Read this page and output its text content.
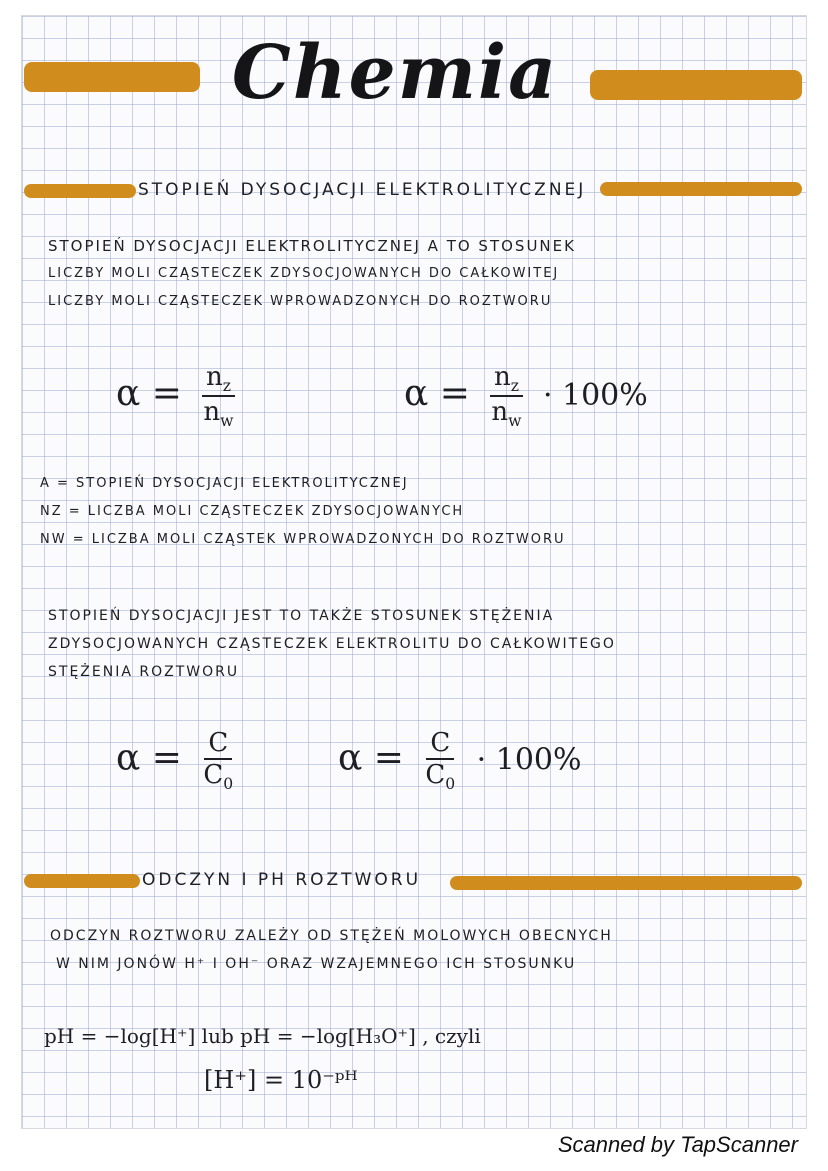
Chemia
STOPIEŃ DYSOCJACJI ELEKTROLITYCZNEJ
STOPIEŃ DYSOCJACJI ELEKTROLITYCZNEJ Α TO STOSUNEK
LICZBY MOLI CZĄSTECZEK ZDYSOCJOWANYCH DO CAŁKOWITEJ
LICZBY MOLI CZĄSTECZEK WPROWADZONYCH DO ROZTWORU
$\alpha = \frac{n_z}{n_w}$	$\alpha = \frac{n_z}{n_w} \cdot 100\%$
Α = STOPIEŃ DYSOCJACJI ELEKTROLITYCZNEJ
NZ = LICZBA MOLI CZĄSTECZEK ZDYSOCJOWANYCH
NW = LICZBA MOLI CZĄSTEK WPROWADZONYCH DO ROZTWORU
STOPIEŃ DYSOCJACJI JEST TO TAKŻE STOSUNEK STĘŻENIA
ZDYSOCJOWANYCH CZĄSTECZEK ELEKTROLITU DO CAŁKOWITEGO
STĘŻENIA ROZTWORU
$\alpha = \frac{C}{C_0}$	$\alpha = \frac{C}{C_0} \cdot 100\%$
ODCZYN I PH ROZTWORU
ODCZYN ROZTWORU ZALEŻY OD STĘŻEŃ MOLOWYCH OBECNYCH
W NIM JONÓW H⁺ I OH⁻ ORAZ WZAJEMNEGO ICH STOSUNKU
pH = −log[H⁺] lub pH = −log[H₃O⁺] , czyli
[H⁺] = 10⁻ᵖᴴ
Scanned by TapScanner
